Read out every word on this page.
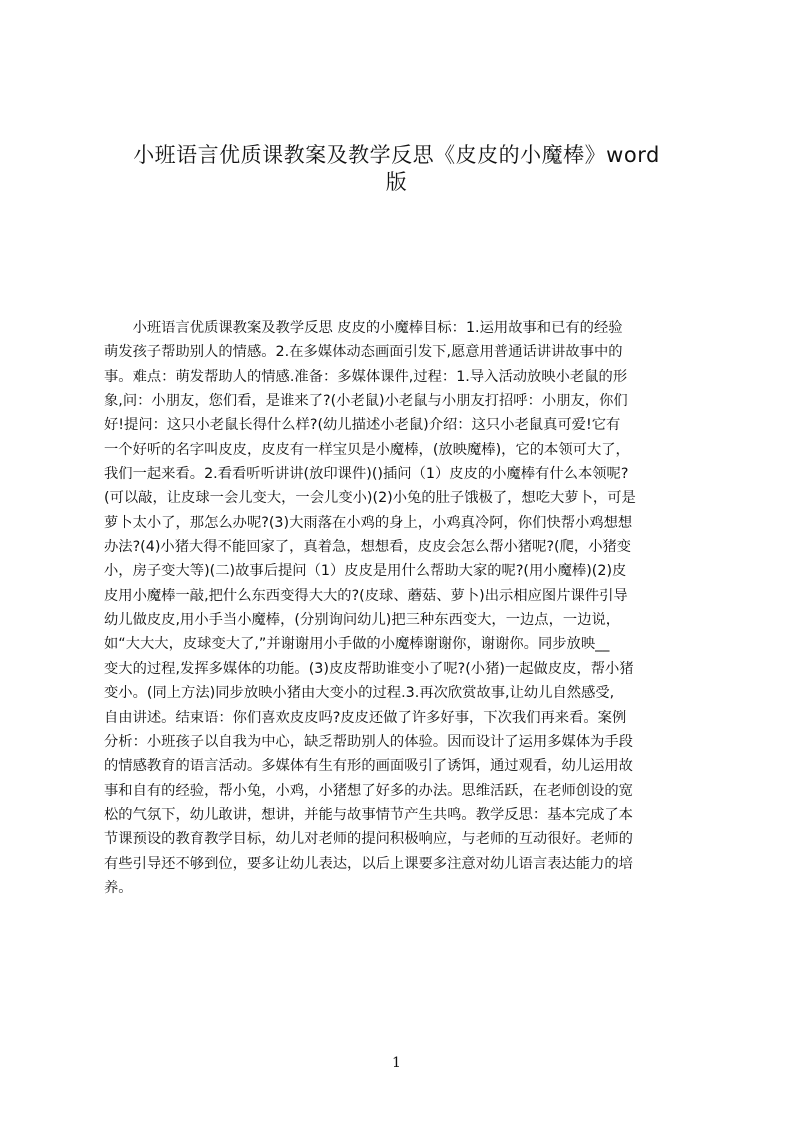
小班语言优质课教案及教学反思《皮皮的小魔棒》word
版
　　小班语言优质课教案及教学反思 皮皮的小魔棒目标：1.运用故事和已有的经验
萌发孩子帮助别人的情感。2.在多媒体动态画面引发下,愿意用普通话讲讲故事中的
事。难点：萌发帮助人的情感.准备：多媒体课件,过程：1.导入活动放映小老鼠的形
象,问：小朋友，您们看，是谁来了?(小老鼠)小老鼠与小朋友打招呼：小朋友，你们
好!提问：这只小老鼠长得什么样?(幼儿描述小老鼠)介绍：这只小老鼠真可爱!它有
一个好听的名字叫皮皮，皮皮有一样宝贝是小魔棒，(放映魔棒)，它的本领可大了，
我们一起来看。2.看看听听讲讲(放印课件)()插问（1）皮皮的小魔棒有什么本领呢?
(可以敲，让皮球一会儿变大，一会儿变小)(2)小兔的肚子饿极了，想吃大萝卜，可是
萝卜太小了，那怎么办呢?(3)大雨落在小鸡的身上，小鸡真冷阿，你们快帮小鸡想想
办法?(4)小猪大得不能回家了，真着急，想想看，皮皮会怎么帮小猪呢?(爬，小猪变
小，房子变大等)(二)故事后提问（1）皮皮是用什么帮助大家的呢?(用小魔棒)(2)皮
皮用小魔棒一敲,把什么东西变得大大的?(皮球、蘑菇、萝卜)出示相应图片课件引导
幼儿做皮皮,用小手当小魔棒，(分别询问幼儿)把三种东西变大，一边点，一边说，
如“大大大，皮球变大了,”并谢谢用小手做的小魔棒谢谢你，谢谢你。同步放映__
变大的过程,发挥多媒体的功能。(3)皮皮帮助谁变小了呢?(小猪)一起做皮皮，帮小猪
变小。(同上方法)同步放映小猪由大变小的过程.3.再次欣赏故事,让幼儿自然感受,
自由讲述。结束语：你们喜欢皮皮吗?皮皮还做了许多好事，下次我们再来看。案例
分析：小班孩子以自我为中心，缺乏帮助别人的体验。因而设计了运用多媒体为手段
的情感教育的语言活动。多媒体有生有形的画面吸引了诱饵，通过观看，幼儿运用故
事和自有的经验，帮小兔，小鸡，小猪想了好多的办法。思维活跃，在老师创设的宽
松的气氛下，幼儿敢讲，想讲，并能与故事情节产生共鸣。教学反思：基本完成了本
节课预设的教育教学目标，幼儿对老师的提问积极响应，与老师的互动很好。老师的
有些引导还不够到位，要多让幼儿表达，以后上课要多注意对幼儿语言表达能力的培
养。
1
